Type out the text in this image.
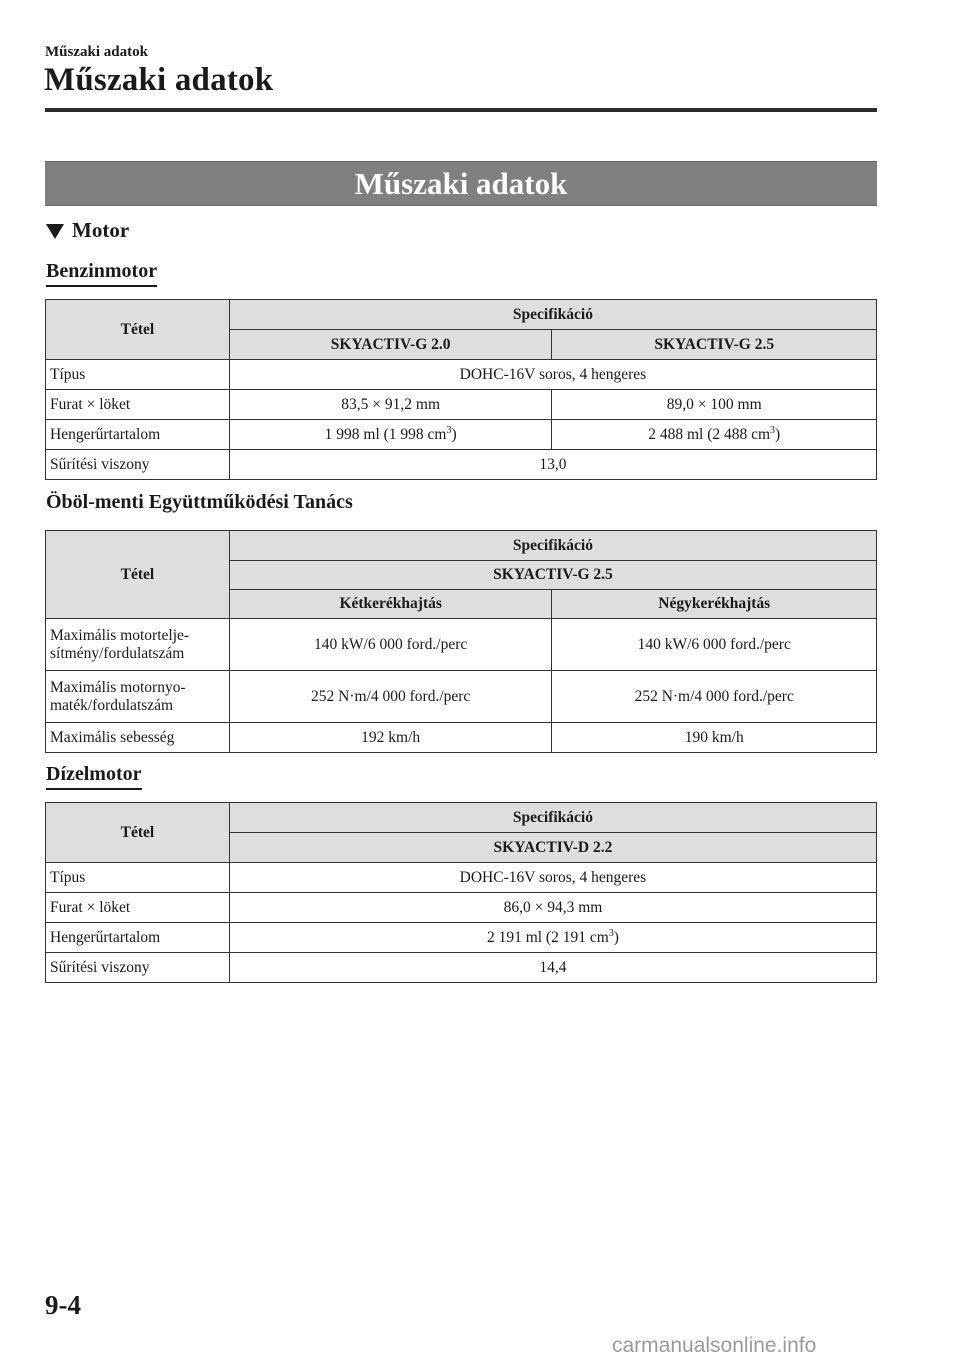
Műszaki adatok
Műszaki adatok
Műszaki adatok
Motor
Benzinmotor
Tétel	Specifikáció	
	SKYACTIV-G 2.0	SKYACTIV-G 2.5
Típus	DOHC-16V soros, 4 hengeres	
Furat × löket	83,5 × 91,2 mm	89,0 × 100 mm
Hengerűrtartalom	1 998 ml (1 998 $cm^3$)	2 488 ml (2 488 $cm^3$)
Sűrítési viszony	13,0	
Öböl-menti Együttműködési Tanács
Tétel	Specifikáció	
	SKYACTIV-G 2.5	
	Kétkerékhajtás	Négykerékhajtás
Maximális motortelje-
sítmény/fordulatszám	140 kW/6 000 ford./perc	140 kW/6 000 ford./perc
Maximális motornyo-
maték/fordulatszám	252 N·m/4 000 ford./perc	252 N·m/4 000 ford./perc
Maximális sebesség	192 km/h	190 km/h
Dízelmotor
Tétel	Specifikáció
	SKYACTIV-D 2.2
Típus	DOHC-16V soros, 4 hengeres
Furat × löket	86,0 × 94,3 mm
Hengerűrtartalom	2 191 ml (2 191 $cm^3$)
Sűrítési viszony	14,4
9-4
carmanualsonline.info
